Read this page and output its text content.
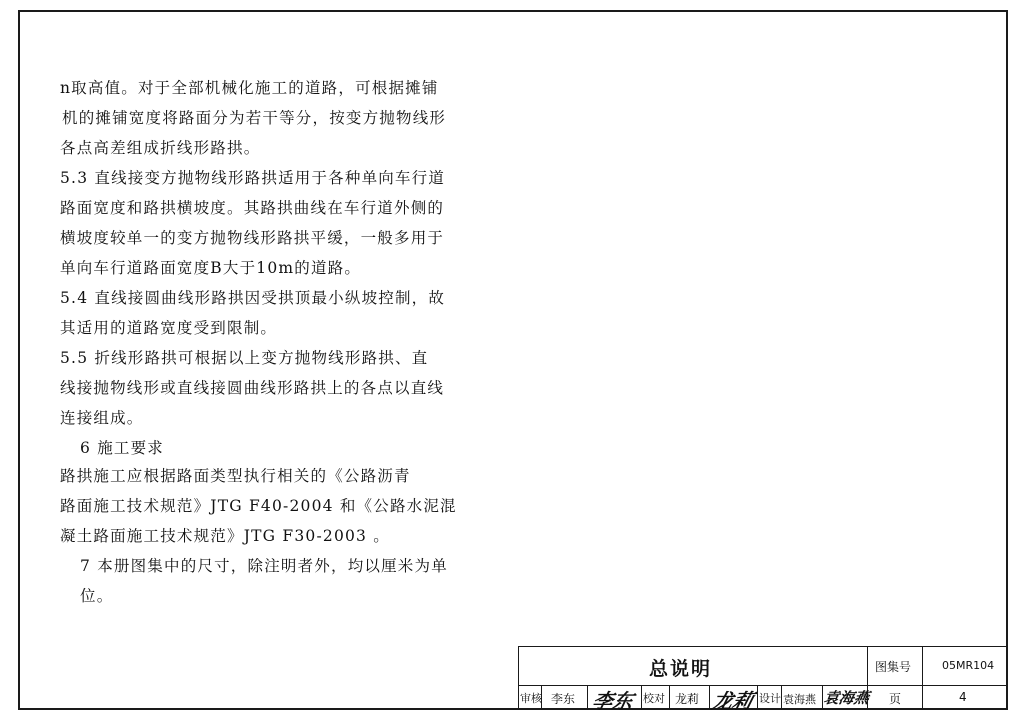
n取高值。对于全部机械化施工的道路，可根据摊铺
机的摊铺宽度将路面分为若干等分，按变方抛物线形
各点高差组成折线形路拱。
5.3 直线接变方抛物线形路拱适用于各种单向车行道
路面宽度和路拱横坡度。其路拱曲线在车行道外侧的
横坡度较单一的变方抛物线形路拱平缓，一般多用于
单向车行道路面宽度B大于10m的道路。
5.4 直线接圆曲线形路拱因受拱顶最小纵坡控制，故
其适用的道路宽度受到限制。
5.5 折线形路拱可根据以上变方抛物线形路拱、直
线接抛物线形或直线接圆曲线形路拱上的各点以直线
连接组成。
6 施工要求
路拱施工应根据路面类型执行相关的《公路沥青
路面施工技术规范》JTG F40-2004 和《公路水泥混
凝土路面施工技术规范》JTG F30-2003 。
7 本册图集中的尺寸，除注明者外，均以厘米为单
位。
总说明	图集号	05MR104
审核 李东 李东 校对 龙莉 龙莉 设计 袁海燕 袁海燕 页	4
